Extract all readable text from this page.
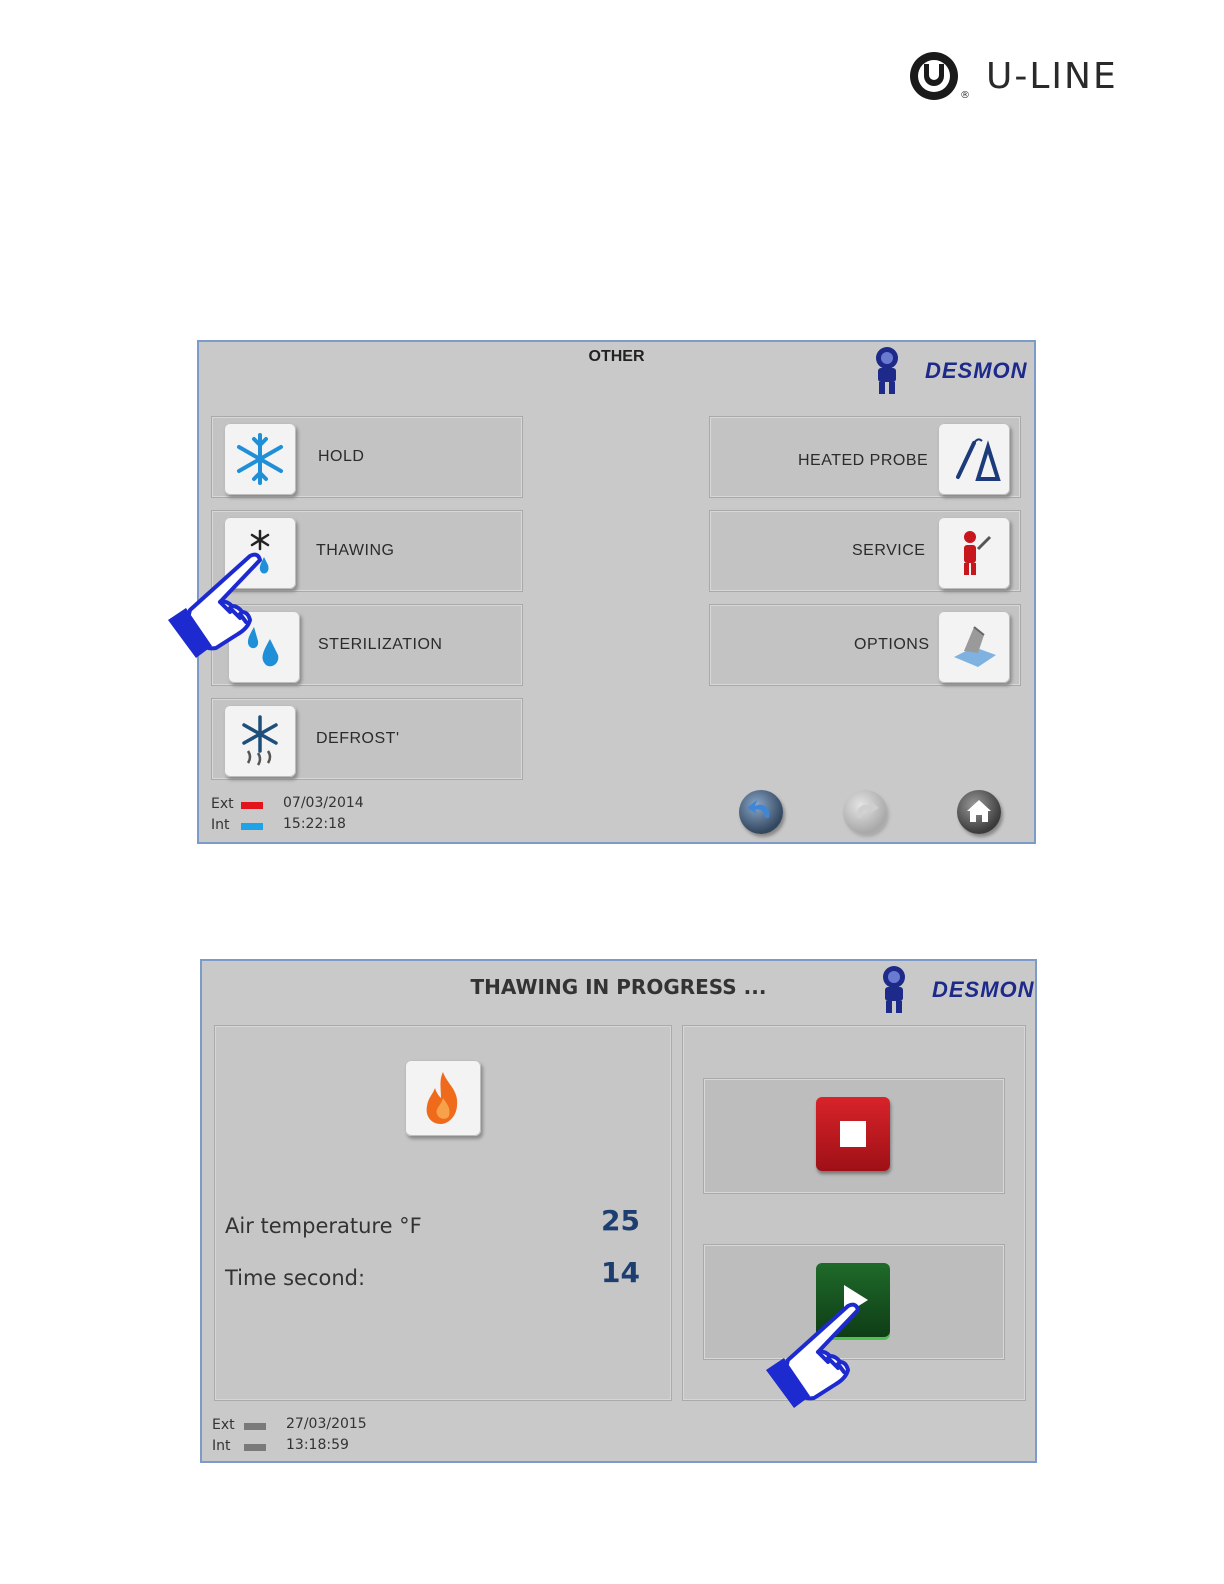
® U-LINE
OTHER
DESMON
HOLD
THAWING
STERILIZATION
DEFROST'
HEATED PROBE
SERVICE
OPTIONS
Ext
Int
07/03/2014
15:22:18
THAWING IN PROGRESS ...	DESMON
Air temperature °F	25
Time second:	14
Ext
Int
27/03/2015
13:18:59
